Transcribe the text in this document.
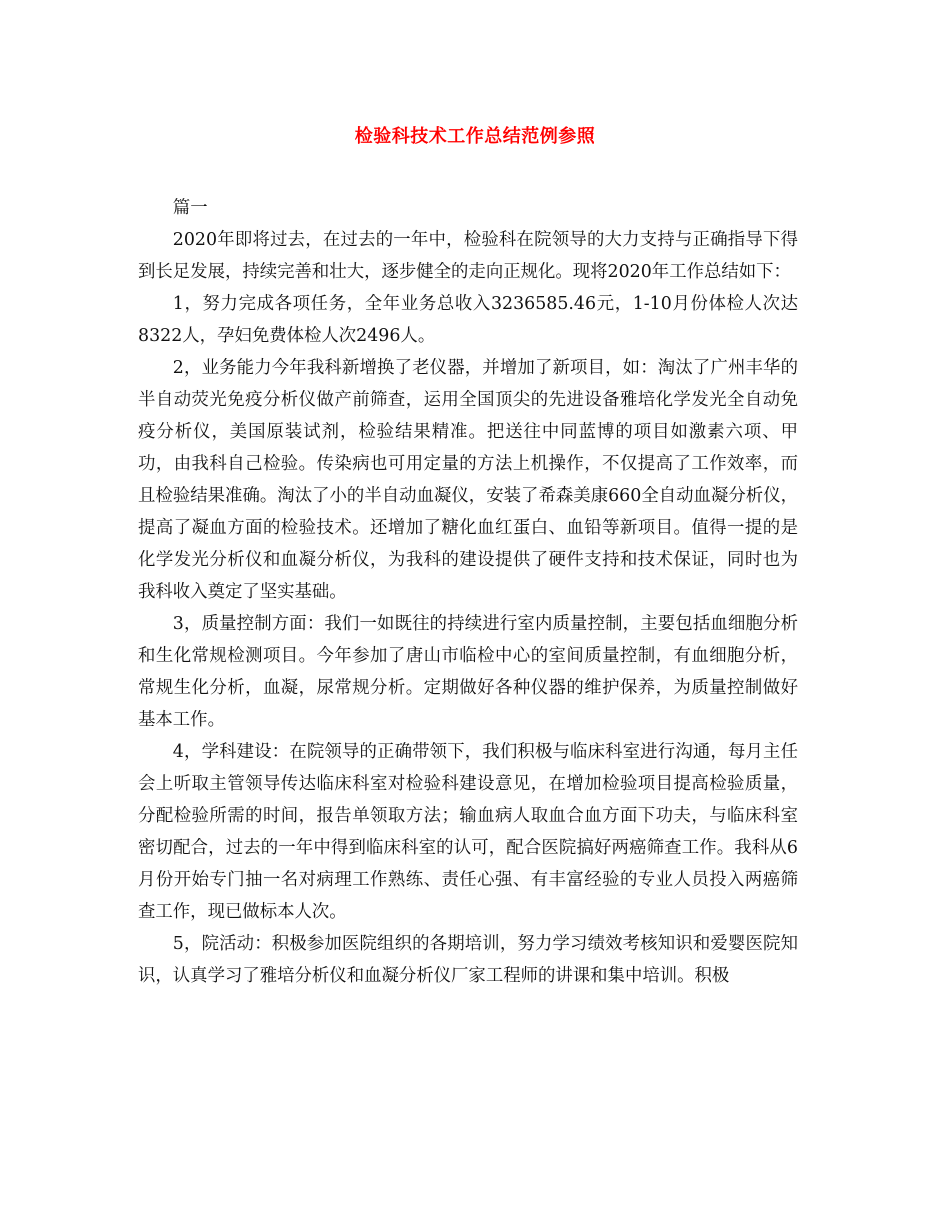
检验科技术工作总结范例参照

篇一

2020年即将过去，在过去的一年中，检验科在院领导的大力支持与正确指导下得到长足发展，持续完善和壮大，逐步健全的走向正规化。现将2020年工作总结如下：

1，努力完成各项任务，全年业务总收入3236585.46元，1-10月份体检人次达8322人，孕妇免费体检人次2496人。

2，业务能力今年我科新增换了老仪器，并增加了新项目，如：淘汰了广州丰华的半自动荧光免疫分析仪做产前筛查，运用全国顶尖的先进设备雅培化学发光全自动免疫分析仪，美国原装试剂，检验结果精准。把送往中同蓝博的项目如激素六项、甲功，由我科自己检验。传染病也可用定量的方法上机操作，不仅提高了工作效率，而且检验结果准确。淘汰了小的半自动血凝仪，安装了希森美康660全自动血凝分析仪，提高了凝血方面的检验技术。还增加了糖化血红蛋白、血铅等新项目。值得一提的是化学发光分析仪和血凝分析仪，为我科的建设提供了硬件支持和技术保证，同时也为我科收入奠定了坚实基础。

3，质量控制方面：我们一如既往的持续进行室内质量控制，主要包括血细胞分析和生化常规检测项目。今年参加了唐山市临检中心的室间质量控制，有血细胞分析，常规生化分析，血凝，尿常规分析。定期做好各种仪器的维护保养，为质量控制做好基本工作。

4，学科建设：在院领导的正确带领下，我们积极与临床科室进行沟通，每月主任会上听取主管领导传达临床科室对检验科建设意见，在增加检验项目提高检验质量，分配检验所需的时间，报告单领取方法；输血病人取血合血方面下功夫，与临床科室密切配合，过去的一年中得到临床科室的认可，配合医院搞好两癌筛查工作。我科从6月份开始专门抽一名对病理工作熟练、责任心强、有丰富经验的专业人员投入两癌筛查工作，现已做标本人次。

5，院活动：积极参加医院组织的各期培训，努力学习绩效考核知识和爱婴医院知识，认真学习了雅培分析仪和血凝分析仪厂家工程师的讲课和集中培训。积极
